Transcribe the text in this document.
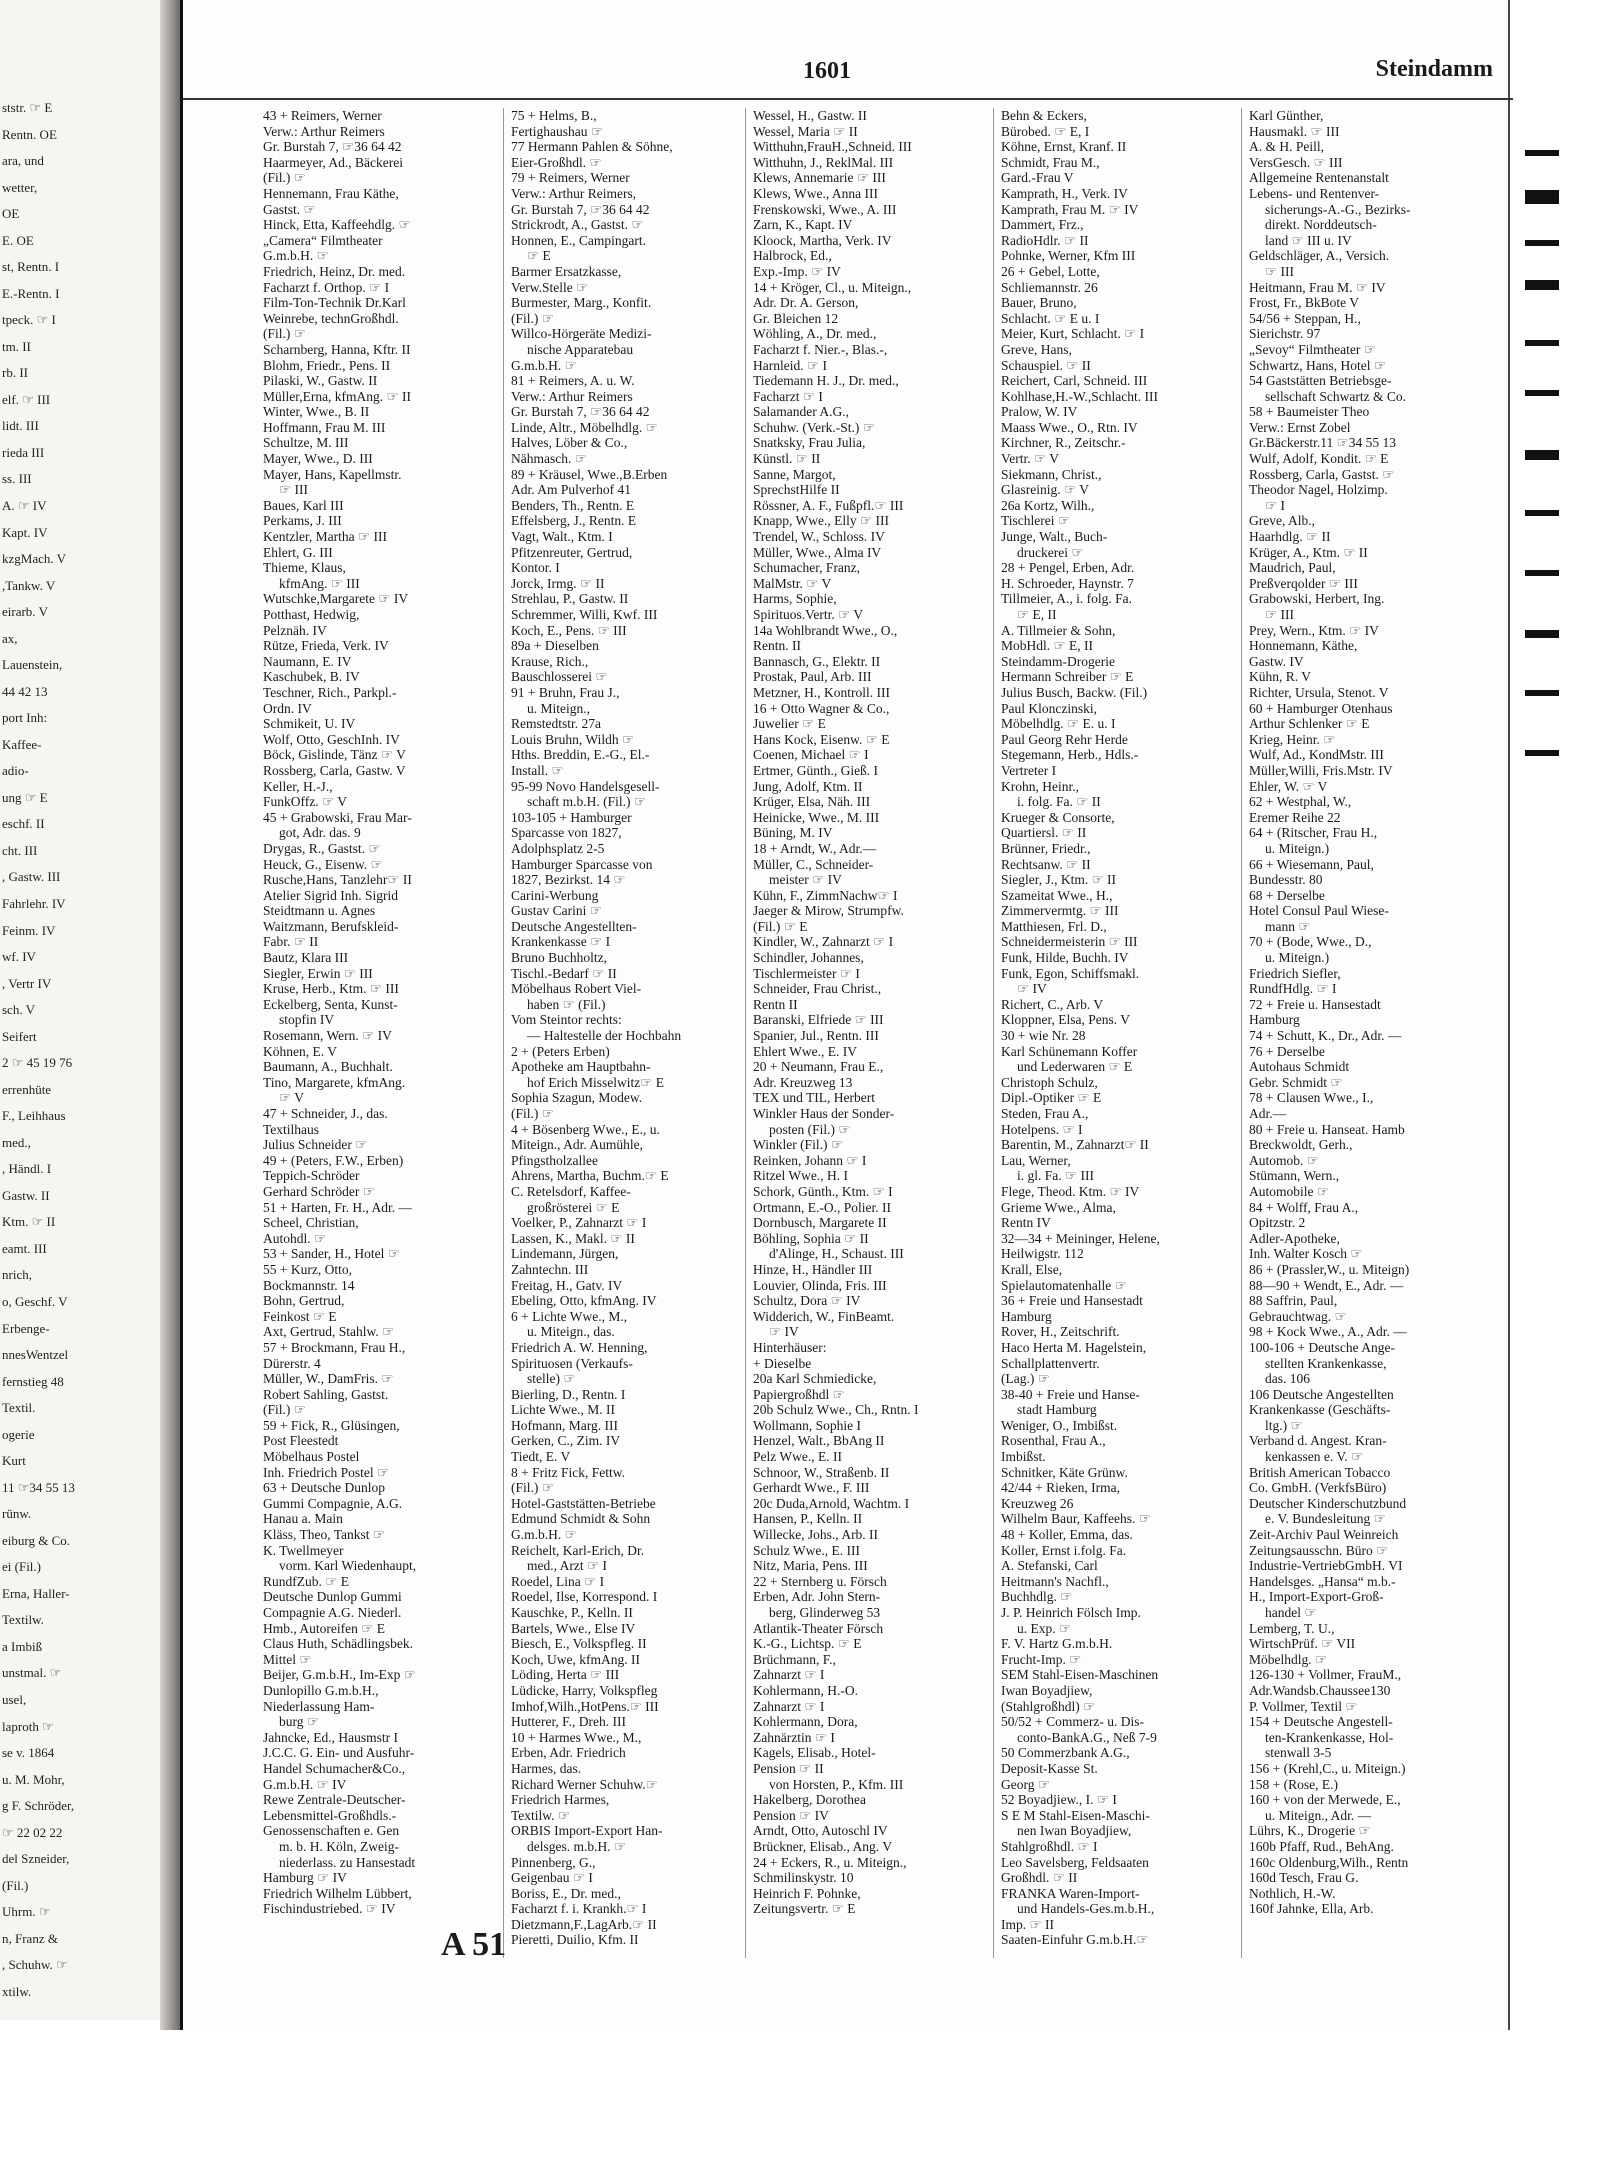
ststr. ☞ E
Rentn. OE
ara, und
wetter,
OE
E. OE
st, Rentn. I
E.-Rentn. I
tpeck. ☞ I
tm. II
rb. II
elf. ☞ III
lidt. III
rieda III
ss. III
A. ☞ IV
Kapt. IV
kzgMach. V
,Tankw. V
eirarb. V
ax,
Lauenstein,
44 42 13
port Inh:
Kaffee-
adio-
ung ☞ E
eschf. II
cht. III
, Gastw. III
Fahrlehr. IV
Feinm. IV
wf. IV
, Vertr IV
sch. V
Seifert
2 ☞ 45 19 76
errenhüte
F., Leihhaus
med.,
, Händl. I
Gastw. II
Ktm. ☞ II
eamt. III
nrich,
o, Geschf. V
Erbenge-
nnesWentzel
fernstieg 48
Textil.
ogerie
Kurt
11 ☞34 55 13
rünw.
eiburg & Co.
ei (Fil.)
Erna, Haller-
Textilw.
a Imbiß
unstmal. ☞
usel,
laproth ☞
se v. 1864
u. M. Mohr,
g F. Schröder,
☞ 22 02 22
del Szneider,
(Fil.)
Uhrm. ☞
n, Franz &
, Schuhw. ☞
xtilw.
1601	Steindamm
43 + Reimers, Werner
Verw.: Arthur Reimers
Gr. Burstah 7, ☞36 64 42
Haarmeyer, Ad., Bäckerei
(Fil.) ☞
Hennemann, Frau Käthe,
Gastst. ☞
Hinck, Etta, Kaffeehdlg. ☞
„Camera“ Filmtheater
G.m.b.H. ☞
Friedrich, Heinz, Dr. med.
Facharzt f. Orthop. ☞ I
Film-Ton-Technik Dr.Karl
Weinrebe, technGroßhdl.
(Fil.) ☞
Scharnberg, Hanna, Kftr. II
Blohm, Friedr., Pens. II
Pilaski, W., Gastw. II
Müller,Erna, kfmAng. ☞ II
Winter, Wwe., B. II
Hoffmann, Frau M. III
Schultze, M. III
Mayer, Wwe., D. III
Mayer, Hans, Kapellmstr.
☞ III
Baues, Karl III
Perkams, J. III
Kentzler, Martha ☞ III
Ehlert, G. III
Thieme, Klaus,
kfmAng. ☞ III
Wutschke,Margarete ☞ IV
Potthast, Hedwig,
Pelznäh. IV
Rütze, Frieda, Verk. IV
Naumann, E. IV
Kaschubek, B. IV
Teschner, Rich., Parkpl.-
Ordn. IV
Schmikeit, U. IV
Wolf, Otto, GeschInh. IV
Böck, Gislinde, Tänz ☞ V
Rossberg, Carla, Gastw. V
Keller, H.-J.,
FunkOffz. ☞ V
45 + Grabowski, Frau Mar-
got, Adr. das. 9
Drygas, R., Gastst. ☞
Heuck, G., Eisenw. ☞
Rusche,Hans, Tanzlehr☞ II
Atelier Sigrid Inh. Sigrid
Steidtmann u. Agnes
Waitzmann, Berufskleid-
Fabr. ☞ II
Bautz, Klara III
Siegler, Erwin ☞ III
Kruse, Herb., Ktm. ☞ III
Eckelberg, Senta, Kunst-
stopfin IV
Rosemann, Wern. ☞ IV
Köhnen, E. V
Baumann, A., Buchhalt.
Tino, Margarete, kfmAng.
☞ V
47 + Schneider, J., das.
Textilhaus
Julius Schneider ☞
49 + (Peters, F.W., Erben)
Teppich-Schröder
Gerhard Schröder ☞
51 + Harten, Fr. H., Adr. —
Scheel, Christian,
Autohdl. ☞
53 + Sander, H., Hotel ☞
55 + Kurz, Otto,
Bockmannstr. 14
Bohn, Gertrud,
Feinkost ☞ E
Axt, Gertrud, Stahlw. ☞
57 + Brockmann, Frau H.,
Dürerstr. 4
Müller, W., DamFris. ☞
Robert Sahling, Gastst.
(Fil.) ☞
59 + Fick, R., Glüsingen,
Post Fleestedt
Möbelhaus Postel
Inh. Friedrich Postel ☞
63 + Deutsche Dunlop
Gummi Compagnie, A.G.
Hanau a. Main
Kläss, Theo, Tankst ☞
K. Twellmeyer
vorm. Karl Wiedenhaupt,
RundfZub. ☞ E
Deutsche Dunlop Gummi
Compagnie A.G. Niederl.
Hmb., Autoreifen ☞ E
Claus Huth, Schädlingsbek.
Mittel ☞
Beijer, G.m.b.H., Im-Exp ☞
Dunlopillo G.m.b.H.,
Niederlassung Ham-
burg ☞
Jahncke, Ed., Hausmstr I
J.C.C. G. Ein- und Ausfuhr-
Handel Schumacher&Co.,
G.m.b.H. ☞ IV
Rewe Zentrale-Deutscher-
Lebensmittel-Großhdls.-
Genossenschaften e. Gen
m. b. H. Köln, Zweig-
niederlass. zu Hansestadt
Hamburg ☞ IV
Friedrich Wilhelm Lübbert,
Fischindustriebed. ☞ IV
75 + Helms, B.,
Fertighaushau ☞
77 Hermann Pahlen & Söhne,
Eier-Großhdl. ☞
79 + Reimers, Werner
Verw.: Arthur Reimers,
Gr. Burstah 7, ☞36 64 42
Strickrodt, A., Gastst. ☞
Honnen, E., Campingart.
☞ E
Barmer Ersatzkasse,
Verw.Stelle ☞
Burmester, Marg., Konfit.
(Fil.) ☞
Willco-Hörgeräte Medizi-
nische Apparatebau
G.m.b.H. ☞
81 + Reimers, A. u. W.
Verw.: Arthur Reimers
Gr. Burstah 7, ☞36 64 42
Linde, Altr., Möbelhdlg. ☞
Halves, Löber & Co.,
Nähmasch. ☞
89 + Kräusel, Wwe.,B.Erben
Adr. Am Pulverhof 41
Benders, Th., Rentn. E
Effelsberg, J., Rentn. E
Vagt, Walt., Ktm. I
Pfitzenreuter, Gertrud,
Kontor. I
Jorck, Irmg. ☞ II
Strehlau, P., Gastw. II
Schremmer, Willi, Kwf. III
Koch, E., Pens. ☞ III
89a + Dieselben
Krause, Rich.,
Bauschlosserei ☞
91 + Bruhn, Frau J.,
u. Miteign.,
Remstedtstr. 27a
Louis Bruhn, Wildh ☞
Hths. Breddin, E.-G., El.-
Install. ☞
95-99 Novo Handelsgesell-
schaft m.b.H. (Fil.) ☞
103-105 + Hamburger
Sparcasse von 1827,
Adolphsplatz 2-5
Hamburger Sparcasse von
1827, Bezirkst. 14 ☞
Carini-Werbung
Gustav Carini ☞
Deutsche Angestellten-
Krankenkasse ☞ I
Bruno Buchholtz,
Tischl.-Bedarf ☞ II
Möbelhaus Robert Viel-
haben ☞ (Fil.)
Vom Steintor rechts:
— Haltestelle der Hochbahn
2 + (Peters Erben)
Apotheke am Hauptbahn-
hof Erich Misselwitz☞ E
Sophia Szagun, Modew.
(Fil.) ☞
4 + Bösenberg Wwe., E., u.
Miteign., Adr. Aumühle,
Pfingstholzallee
Ahrens, Martha, Buchm.☞ E
C. Retelsdorf, Kaffee-
großrösterei ☞ E
Voelker, P., Zahnarzt ☞ I
Lassen, K., Makl. ☞ II
Lindemann, Jürgen,
Zahntechn. III
Freitag, H., Gatv. IV
Ebeling, Otto, kfmAng. IV
6 + Lichte Wwe., M.,
u. Miteign., das.
Friedrich A. W. Henning,
Spirituosen (Verkaufs-
stelle) ☞
Bierling, D., Rentn. I
Lichte Wwe., M. II
Hofmann, Marg. III
Gerken, C., Zim. IV
Tiedt, E. V
8 + Fritz Fick, Fettw.
(Fil.) ☞
Hotel-Gaststätten-Betriebe
Edmund Schmidt & Sohn
G.m.b.H. ☞
Reichelt, Karl-Erich, Dr.
med., Arzt ☞ I
Roedel, Lina ☞ I
Roedel, Ilse, Korrespond. I
Kauschke, P., Kelln. II
Bartels, Wwe., Else IV
Biesch, E., Volkspfleg. II
Koch, Uwe, kfmAng. II
Löding, Herta ☞ III
Lüdicke, Harry, Volkspfleg
Imhof,Wilh.,HotPens.☞ III
Hutterer, F., Dreh. III
10 + Harmes Wwe., M.,
Erben, Adr. Friedrich
Harmes, das.
Richard Werner Schuhw.☞
Friedrich Harmes,
Textilw. ☞
ORBIS Import-Export Han-
delsges. m.b.H. ☞
Pinnenberg, G.,
Geigenbau ☞ I
Boriss, E., Dr. med.,
Facharzt f. i. Krankh.☞ I
Dietzmann,F.,LagArb.☞ II
Pieretti, Duilio, Kfm. II
Wessel, H., Gastw. II
Wessel, Maria ☞ II
Witthuhn,FrauH.,Schneid. III
Witthuhn, J., ReklMal. III
Klews, Annemarie ☞ III
Klews, Wwe., Anna III
Frenskowski, Wwe., A. III
Zarn, K., Kapt. IV
Kloock, Martha, Verk. IV
Halbrock, Ed.,
Exp.-Imp. ☞ IV
14 + Kröger, Cl., u. Miteign.,
Adr. Dr. A. Gerson,
Gr. Bleichen 12
Wöhling, A., Dr. med.,
Facharzt f. Nier.-, Blas.-,
Harnleid. ☞ I
Tiedemann H. J., Dr. med.,
Facharzt ☞ I
Salamander A.G.,
Schuhw. (Verk.-St.) ☞
Snatksky, Frau Julia,
Künstl. ☞ II
Sanne, Margot,
SprechstHilfe II
Rössner, A. F., Fußpfl.☞ III
Knapp, Wwe., Elly ☞ III
Trendel, W., Schloss. IV
Müller, Wwe., Alma IV
Schumacher, Franz,
MalMstr. ☞ V
Harms, Sophie,
Spirituos.Vertr. ☞ V
14a Wohlbrandt Wwe., O.,
Rentn. II
Bannasch, G., Elektr. II
Prostak, Paul, Arb. III
Metzner, H., Kontroll. III
16 + Otto Wagner & Co.,
Juwelier ☞ E
Hans Kock, Eisenw. ☞ E
Coenen, Michael ☞ I
Ertmer, Günth., Gieß. I
Jung, Adolf, Ktm. II
Krüger, Elsa, Näh. III
Heinicke, Wwe., M. III
Büning, M. IV
18 + Arndt, W., Adr.—
Müller, C., Schneider-
meister ☞ IV
Kühn, F., ZimmNachw☞ I
Jaeger & Mirow, Strumpfw.
(Fil.) ☞ E
Kindler, W., Zahnarzt ☞ I
Schindler, Johannes,
Tischlermeister ☞ I
Schneider, Frau Christ.,
Rentn II
Baranski, Elfriede ☞ III
Spanier, Jul., Rentn. III
Ehlert Wwe., E. IV
20 + Neumann, Frau E.,
Adr. Kreuzweg 13
TEX und TIL, Herbert
Winkler Haus der Sonder-
posten (Fil.) ☞
Winkler (Fil.) ☞
Reinken, Johann ☞ I
Ritzel Wwe., H. I
Schork, Günth., Ktm. ☞ I
Ortmann, E.-O., Polier. II
Dornbusch, Margarete II
Böhling, Sophia ☞ II
d'Alinge, H., Schaust. III
Hinze, H., Händler III
Louvier, Olinda, Fris. III
Schultz, Dora ☞ IV
Widderich, W., FinBeamt.
☞ IV
Hinterhäuser:
+ Dieselbe
20a Karl Schmiedicke,
Papiergroßhdl ☞
20b Schulz Wwe., Ch., Rntn. I
Wollmann, Sophie I
Henzel, Walt., BbAng II
Pelz Wwe., E. II
Schnoor, W., Straßenb. II
Gerhardt Wwe., F. III
20c Duda,Arnold, Wachtm. I
Hansen, P., Kelln. II
Willecke, Johs., Arb. II
Schulz Wwe., E. III
Nitz, Maria, Pens. III
22 + Sternberg u. Försch
Erben, Adr. John Stern-
berg, Glinderweg 53
Atlantik-Theater Försch
K.-G., Lichtsp. ☞ E
Brüchmann, F.,
Zahnarzt ☞ I
Kohlermann, H.-O.
Zahnarzt ☞ I
Kohlermann, Dora,
Zahnärztin ☞ I
Kagels, Elisab., Hotel-
Pension ☞ II
von Horsten, P., Kfm. III
Hakelberg, Dorothea
Pension ☞ IV
Arndt, Otto, Autoschl IV
Brückner, Elisab., Ang. V
24 + Eckers, R., u. Miteign.,
Schmilinskystr. 10
Heinrich F. Pohnke,
Zeitungsvertr. ☞ E
Behn & Eckers,
Bürobed. ☞ E, I
Köhne, Ernst, Kranf. II
Schmidt, Frau M.,
Gard.-Frau V
Kamprath, H., Verk. IV
Kamprath, Frau M. ☞ IV
Dammert, Frz.,
RadioHdlr. ☞ II
Pohnke, Werner, Kfm III
26 + Gebel, Lotte,
Schliemannstr. 26
Bauer, Bruno,
Schlacht. ☞ E u. I
Meier, Kurt, Schlacht. ☞ I
Greve, Hans,
Schauspiel. ☞ II
Reichert, Carl, Schneid. III
Kohlhase,H.-W.,Schlacht. III
Pralow, W. IV
Maass Wwe., O., Rtn. IV
Kirchner, R., Zeitschr.-
Vertr. ☞ V
Siekmann, Christ.,
Glasreinig. ☞ V
26a Kortz, Wilh.,
Tischlerei ☞
Junge, Walt., Buch-
druckerei ☞
28 + Pengel, Erben, Adr.
H. Schroeder, Haynstr. 7
Tillmeier, A., i. folg. Fa.
☞ E, II
A. Tillmeier & Sohn,
MobHdl. ☞ E, II
Steindamm-Drogerie
Hermann Schreiber ☞ E
Julius Busch, Backw. (Fil.)
Paul Klonczinski,
Möbelhdlg. ☞ E. u. I
Paul Georg Rehr Herde
Stegemann, Herb., Hdls.-
Vertreter I
Krohn, Heinr.,
i. folg. Fa. ☞ II
Krueger & Consorte,
Quartiersl. ☞ II
Brünner, Friedr.,
Rechtsanw. ☞ II
Siegler, J., Ktm. ☞ II
Szameitat Wwe., H.,
Zimmervermtg. ☞ III
Matthiesen, Frl. D.,
Schneidermeisterin ☞ III
Funk, Hilde, Buchh. IV
Funk, Egon, Schiffsmakl.
☞ IV
Richert, C., Arb. V
Kloppner, Elsa, Pens. V
30 + wie Nr. 28
Karl Schünemann Koffer
und Lederwaren ☞ E
Christoph Schulz,
Dipl.-Optiker ☞ E
Steden, Frau A.,
Hotelpens. ☞ I
Barentin, M., Zahnarzt☞ II
Lau, Werner,
i. gl. Fa. ☞ III
Flege, Theod. Ktm. ☞ IV
Grieme Wwe., Alma,
Rentn IV
32—34 + Meininger, Helene,
Heilwigstr. 112
Krall, Else,
Spielautomatenhalle ☞
36 + Freie und Hansestadt
Hamburg
Rover, H., Zeitschrift.
Haco Herta M. Hagelstein,
Schallplattenvertr.
(Lag.) ☞
38-40 + Freie und Hanse-
stadt Hamburg
Weniger, O., Imbißst.
Rosenthal, Frau A.,
Imbißst.
Schnitker, Käte Grünw.
42/44 + Rieken, Irma,
Kreuzweg 26
Wilhelm Baur, Kaffeehs. ☞
48 + Koller, Emma, das.
Koller, Ernst i.folg. Fa.
A. Stefanski, Carl
Heitmann's Nachfl.,
Buchhdlg. ☞
J. P. Heinrich Fölsch Imp.
u. Exp. ☞
F. V. Hartz G.m.b.H.
Frucht-Imp. ☞
SEM Stahl-Eisen-Maschinen
Iwan Boyadjiew,
(Stahlgroßhdl) ☞
50/52 + Commerz- u. Dis-
conto-BankA.G., Neß 7-9
50 Commerzbank A.G.,
Deposit-Kasse St.
Georg ☞
52 Boyadjiew., I. ☞ I
S E M Stahl-Eisen-Maschi-
nen Iwan Boyadjiew,
Stahlgroßhdl. ☞ I
Leo Savelsberg, Feldsaaten
Großhdl. ☞ II
FRANKA Waren-Import-
und Handels-Ges.m.b.H.,
Imp. ☞ II
Saaten-Einfuhr G.m.b.H.☞
Karl Günther,
Hausmakl. ☞ III
A. & H. Peill,
VersGesch. ☞ III
Allgemeine Rentenanstalt
Lebens- und Rentenver-
sicherungs-A.-G., Bezirks-
direkt. Norddeutsch-
land ☞ III u. IV
Geldschläger, A., Versich.
☞ III
Heitmann, Frau M. ☞ IV
Frost, Fr., BkBote V
54/56 + Steppan, H.,
Sierichstr. 97
„Sevoy“ Filmtheater ☞
Schwartz, Hans, Hotel ☞
54 Gaststätten Betriebsge-
sellschaft Schwartz & Co.
58 + Baumeister Theo
Verw.: Ernst Zobel
Gr.Bäckerstr.11 ☞34 55 13
Wulf, Adolf, Kondit. ☞ E
Rossberg, Carla, Gastst. ☞
Theodor Nagel, Holzimp.
☞ I
Greve, Alb.,
Haarhdlg. ☞ II
Krüger, A., Ktm. ☞ II
Maudrich, Paul,
Preßverqolder ☞ III
Grabowski, Herbert, Ing.
☞ III
Prey, Wern., Ktm. ☞ IV
Honnemann, Käthe,
Gastw. IV
Kühn, R. V
Richter, Ursula, Stenot. V
60 + Hamburger Otenhaus
Arthur Schlenker ☞ E
Krieg, Heinr. ☞
Wulf, Ad., KondMstr. III
Müller,Willi, Fris.Mstr. IV
Ehler, W. ☞ V
62 + Westphal, W.,
Eremer Reihe 22
64 + (Ritscher, Frau H.,
u. Miteign.)
66 + Wiesemann, Paul,
Bundesstr. 80
68 + Derselbe
Hotel Consul Paul Wiese-
mann ☞
70 + (Bode, Wwe., D.,
u. Miteign.)
Friedrich Siefler,
RundfHdlg. ☞ I
72 + Freie u. Hansestadt
Hamburg
74 + Schutt, K., Dr., Adr. —
76 + Derselbe
Autohaus Schmidt
Gebr. Schmidt ☞
78 + Clausen Wwe., I.,
Adr.—
80 + Freie u. Hanseat. Hamb
Breckwoldt, Gerh.,
Automob. ☞
Stümann, Wern.,
Automobile ☞
84 + Wolff, Frau A.,
Opitzstr. 2
Adler-Apotheke,
Inh. Walter Kosch ☞
86 + (Prassler,W., u. Miteign)
88—90 + Wendt, E., Adr. —
88 Saffrin, Paul,
Gebrauchtwag. ☞
98 + Kock Wwe., A., Adr. —
100-106 + Deutsche Ange-
stellten Krankenkasse,
das. 106
106 Deutsche Angestellten
Krankenkasse (Geschäfts-
ltg.) ☞
Verband d. Angest. Kran-
kenkassen e. V. ☞
British American Tobacco
Co. GmbH. (VerkfsBüro)
Deutscher Kinderschutzbund
e. V. Bundesleitung ☞
Zeit-Archiv Paul Weinreich
Zeitungsausschn. Büro ☞
Industrie-VertriebGmbH. VI
Handelsges. „Hansa“ m.b.-
H., Import-Export-Groß-
handel ☞
Lemberg, T. U.,
WirtschPrüf. ☞ VII
Möbelhdlg. ☞
126-130 + Vollmer, FrauM.,
Adr.Wandsb.Chaussee130
P. Vollmer, Textil ☞
154 + Deutsche Angestell-
ten-Krankenkasse, Hol-
stenwall 3-5
156 + (Krehl,C., u. Miteign.)
158 + (Rose, E.)
160 + von der Merwede, E.,
u. Miteign., Adr. —
Lührs, K., Drogerie ☞
160b Pfaff, Rud., BehAng.
160c Oldenburg,Wilh., Rentn
160d Tesch, Frau G.
Nothlich, H.-W.
160f Jahnke, Ella, Arb.
A 51
